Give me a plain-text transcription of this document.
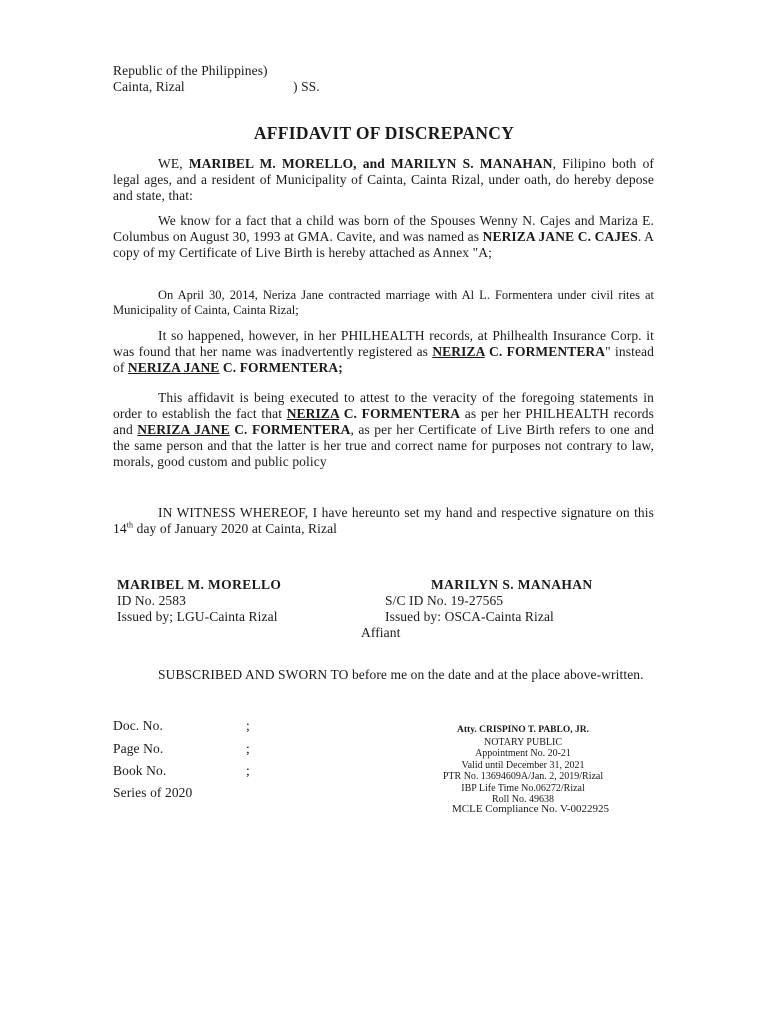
Republic of the Philippines)
Cainta, Rizal	) SS.
AFFIDAVIT OF DISCREPANCY
WE, MARIBEL M. MORELLO, and MARILYN S. MANAHAN, Filipino both of legal ages, and a resident of Municipality of Cainta, Cainta Rizal, under oath, do hereby depose and state, that:
We know for a fact that a child was born of the Spouses Wenny N. Cajes and Mariza E. Columbus on August 30, 1993 at GMA. Cavite, and was named as NERIZA JANE C. CAJES. A copy of my Certificate of Live Birth is hereby attached as Annex "A;
On April 30, 2014, Neriza Jane contracted marriage with Al L. Formentera under civil rites at Municipality of Cainta, Cainta Rizal;
It so happened, however, in her PHILHEALTH records, at Philhealth Insurance Corp. it was found that her name was inadvertently registered as NERIZA C. FORMENTERA" instead of NERIZA JANE C. FORMENTERA;
This affidavit is being executed to attest to the veracity of the foregoing statements in order to establish the fact that NERIZA C. FORMENTERA as per her PHILHEALTH records and NERIZA JANE C. FORMENTERA, as per her Certificate of Live Birth refers to one and the same person and that the latter is her true and correct name for purposes not contrary to law, morals, good custom and public policy
IN WITNESS WHEREOF, I have hereunto set my hand and respective signature on this 14th day of January 2020 at Cainta, Rizal
MARIBEL M. MORELLO
ID No. 2583
Issued by; LGU-Cainta Rizal
MARILYN S. MANAHAN
S/C ID No. 19-27565
Issued by: OSCA-Cainta Rizal
Affiant
SUBSCRIBED AND SWORN TO before me on the date and at the place above-written.
Doc. No.	;
Page No.	;
Book No.	;
Series of 2020
Atty. CRISPINO T. PABLO, JR.
NOTARY PUBLIC
Appointment No. 20-21
Valid until December 31, 2021
PTR No. 13694609A/Jan. 2, 2019/Rizal
IBP Life Time No.06272/Rizal
Roll No. 49638
MCLE Compliance No. V-0022925
